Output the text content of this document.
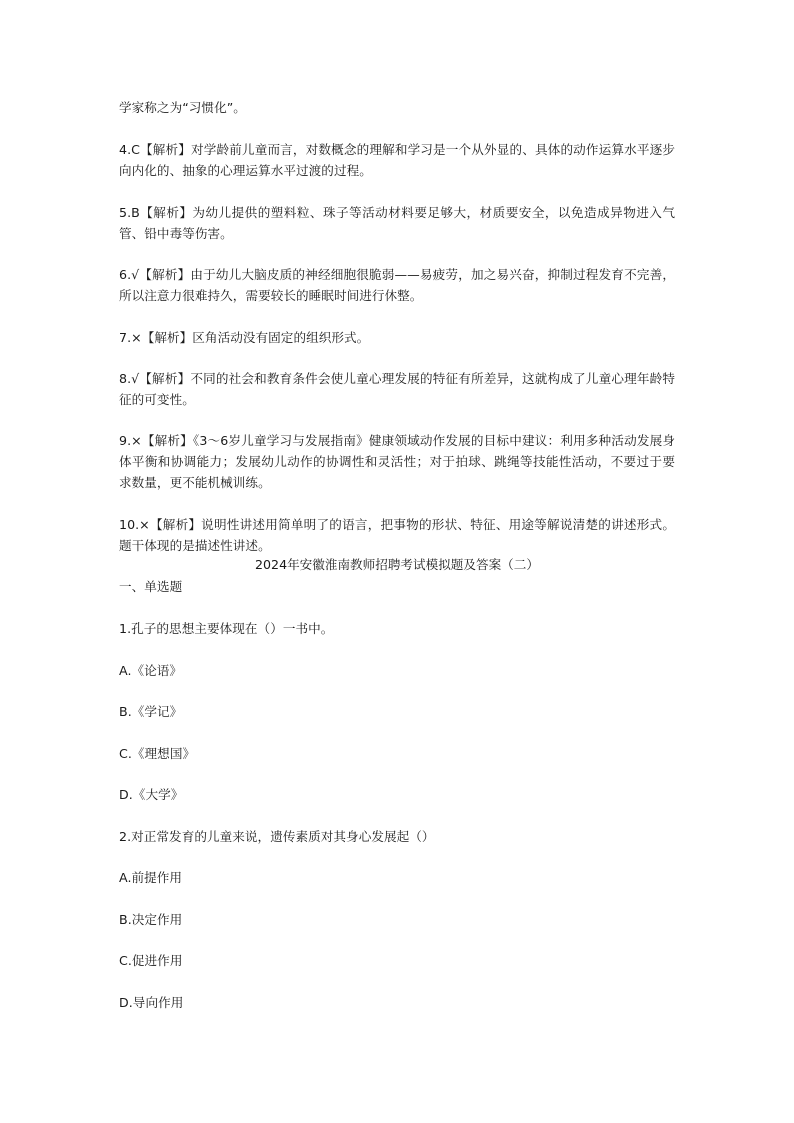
学家称之为“习惯化”。
4.C【解析】对学龄前儿童而言，对数概念的理解和学习是一个从外显的、具体的动作运算水平逐步向内化的、抽象的心理运算水平过渡的过程。
5.B【解析】为幼儿提供的塑料粒、珠子等活动材料要足够大，材质要安全，以免造成异物进入气管、铅中毒等伤害。
6.√【解析】由于幼儿大脑皮质的神经细胞很脆弱——易疲劳，加之易兴奋，抑制过程发育不完善，所以注意力很难持久，需要较长的睡眠时间进行休整。
7.×【解析】区角活动没有固定的组织形式。
8.√【解析】不同的社会和教育条件会使儿童心理发展的特征有所差异，这就构成了儿童心理年龄特征的可变性。
9.×【解析】《3～6岁儿童学习与发展指南》健康领域动作发展的目标中建议：利用多种活动发展身体平衡和协调能力；发展幼儿动作的协调性和灵活性；对于拍球、跳绳等技能性活动，不要过于要求数量，更不能机械训练。
10.×【解析】说明性讲述用简单明了的语言，把事物的形状、特征、用途等解说清楚的讲述形式。题干体现的是描述性讲述。
2024年安徽淮南教师招聘考试模拟题及答案（二）
一、单选题
1.孔子的思想主要体现在（）一书中。
A.《论语》
B.《学记》
C.《理想国》
D.《大学》
2.对正常发育的儿童来说，遗传素质对其身心发展起（）
A.前提作用
B.决定作用
C.促进作用
D.导向作用
